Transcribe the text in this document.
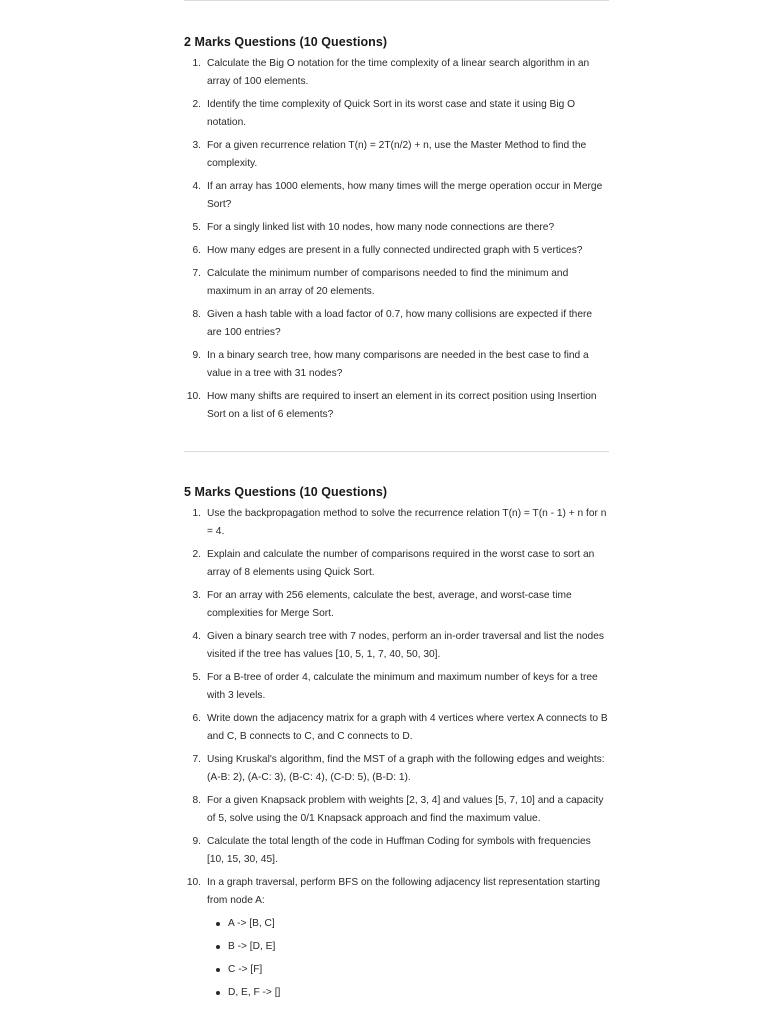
2 Marks Questions (10 Questions)
1. Calculate the Big O notation for the time complexity of a linear search algorithm in an array of 100 elements.
2. Identify the time complexity of Quick Sort in its worst case and state it using Big O notation.
3. For a given recurrence relation T(n) = 2T(n/2) + n, use the Master Method to find the complexity.
4. If an array has 1000 elements, how many times will the merge operation occur in Merge Sort?
5. For a singly linked list with 10 nodes, how many node connections are there?
6. How many edges are present in a fully connected undirected graph with 5 vertices?
7. Calculate the minimum number of comparisons needed to find the minimum and maximum in an array of 20 elements.
8. Given a hash table with a load factor of 0.7, how many collisions are expected if there are 100 entries?
9. In a binary search tree, how many comparisons are needed in the best case to find a value in a tree with 31 nodes?
10. How many shifts are required to insert an element in its correct position using Insertion Sort on a list of 6 elements?
5 Marks Questions (10 Questions)
1. Use the backpropagation method to solve the recurrence relation T(n) = T(n - 1) + n for n = 4.
2. Explain and calculate the number of comparisons required in the worst case to sort an array of 8 elements using Quick Sort.
3. For an array with 256 elements, calculate the best, average, and worst-case time complexities for Merge Sort.
4. Given a binary search tree with 7 nodes, perform an in-order traversal and list the nodes visited if the tree has values [10, 5, 1, 7, 40, 50, 30].
5. For a B-tree of order 4, calculate the minimum and maximum number of keys for a tree with 3 levels.
6. Write down the adjacency matrix for a graph with 4 vertices where vertex A connects to B and C, B connects to C, and C connects to D.
7. Using Kruskal's algorithm, find the MST of a graph with the following edges and weights: (A-B: 2), (A-C: 3), (B-C: 4), (C-D: 5), (B-D: 1).
8. For a given Knapsack problem with weights [2, 3, 4] and values [5, 7, 10] and a capacity of 5, solve using the 0/1 Knapsack approach and find the maximum value.
9. Calculate the total length of the code in Huffman Coding for symbols with frequencies [10, 15, 30, 45].
10. In a graph traversal, perform BFS on the following adjacency list representation starting from node A:
A -> [B, C]
B -> [D, E]
C -> [F]
D, E, F -> []
